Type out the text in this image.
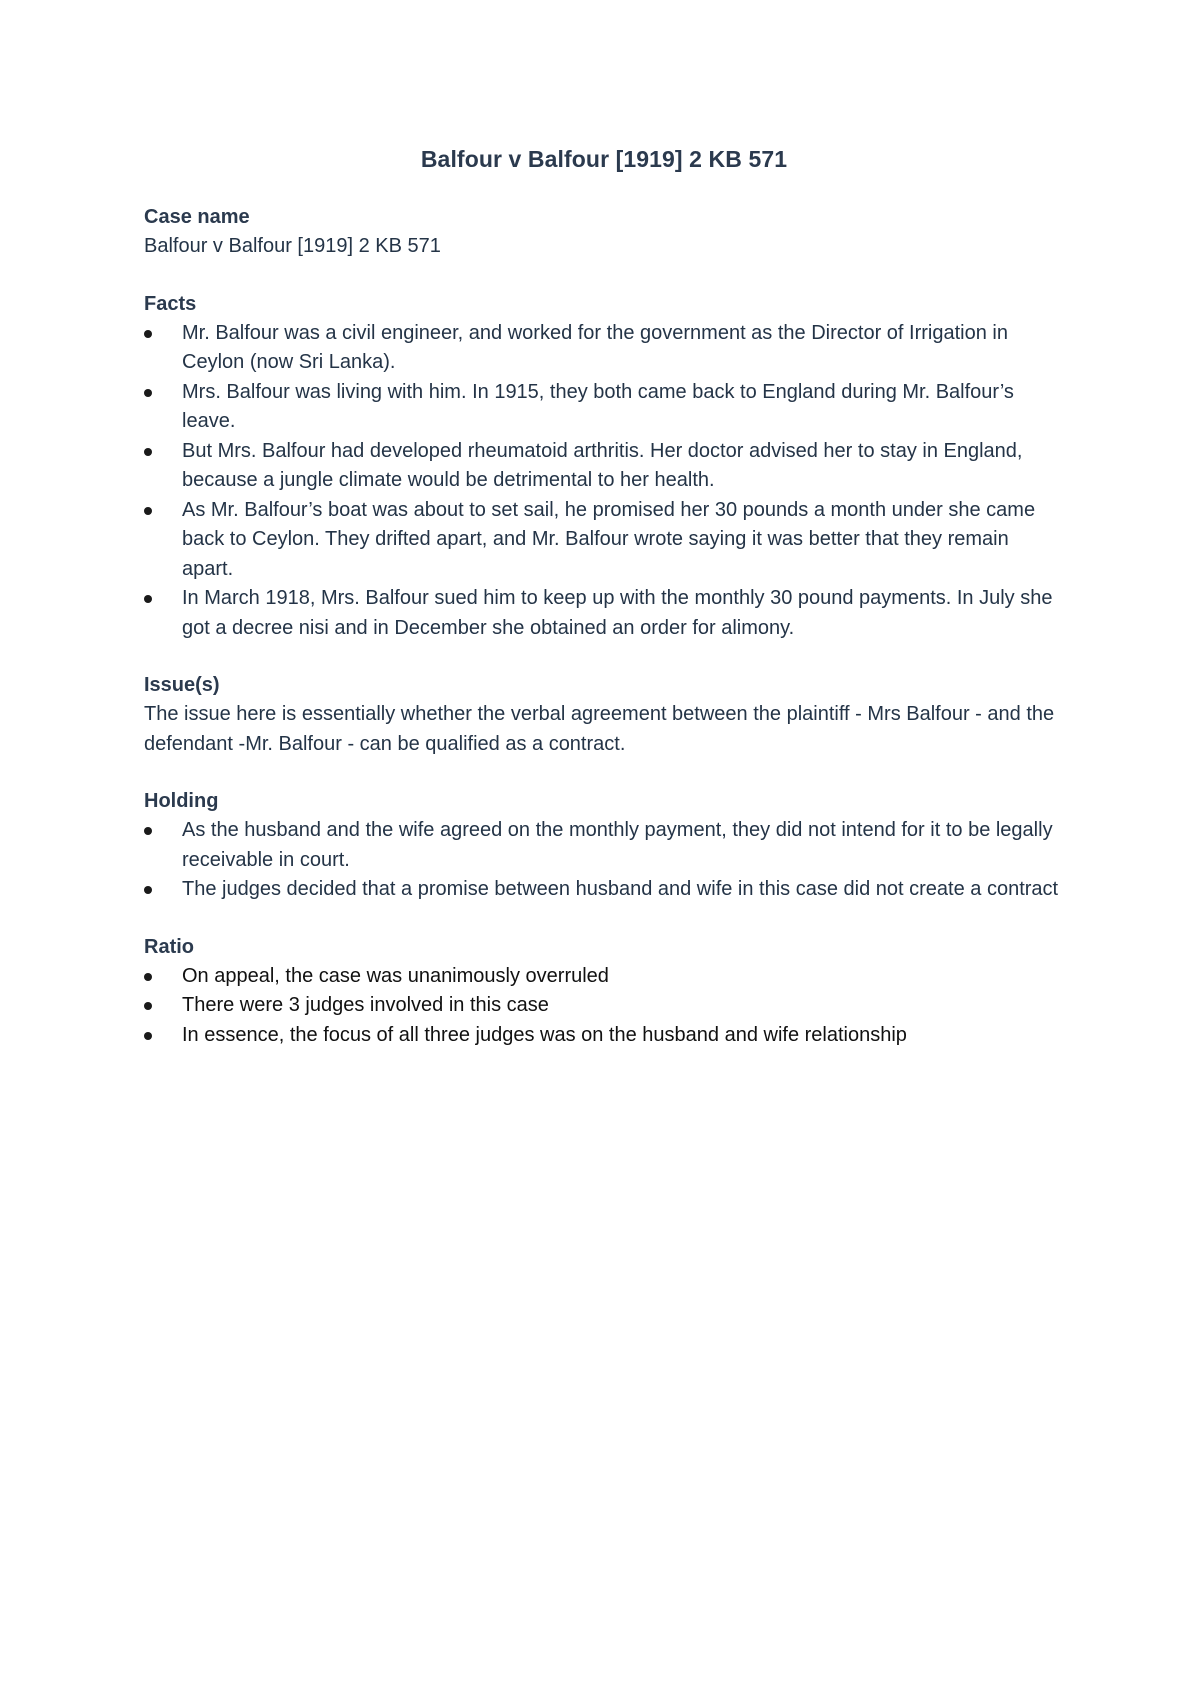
Balfour v Balfour [1919] 2 KB 571
Case name

Balfour v Balfour [1919] 2 KB 571

Facts
Mr. Balfour was a civil engineer, and worked for the government as the Director of Irrigation in Ceylon (now Sri Lanka).
Mrs. Balfour was living with him. In 1915, they both came back to England during Mr. Balfour’s leave.
But Mrs. Balfour had developed rheumatoid arthritis. Her doctor advised her to stay in England, because a jungle climate would be detrimental to her health.
As Mr. Balfour’s boat was about to set sail, he promised her 30 pounds a month under she came back to Ceylon. They drifted apart, and Mr. Balfour wrote saying it was better that they remain apart.
In March 1918, Mrs. Balfour sued him to keep up with the monthly 30 pound payments. In July she got a decree nisi and in December she obtained an order for alimony.
Issue(s)

The issue here is essentially whether the verbal agreement between the plaintiff - Mrs Balfour - and the defendant -Mr. Balfour - can be qualified as a contract.

Holding
As the husband and the wife agreed on the monthly payment, they did not intend for it to be legally receivable in court.
The judges decided that a promise between husband and wife in this case did not create a contract
Ratio
On appeal, the case was unanimously overruled
There were 3 judges involved in this case
In essence, the focus of all three judges was on the husband and wife relationship
